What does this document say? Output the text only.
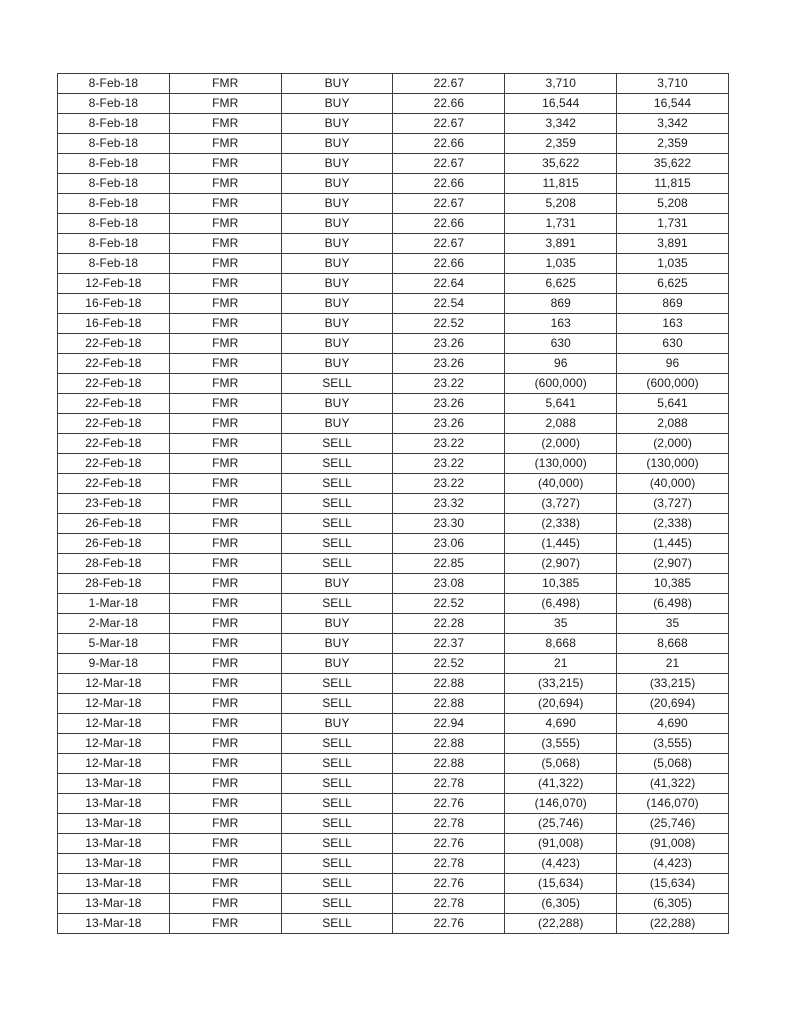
8-Feb-18	FMR	BUY	22.67	3,710	3,710
8-Feb-18	FMR	BUY	22.66	16,544	16,544
8-Feb-18	FMR	BUY	22.67	3,342	3,342
8-Feb-18	FMR	BUY	22.66	2,359	2,359
8-Feb-18	FMR	BUY	22.67	35,622	35,622
8-Feb-18	FMR	BUY	22.66	11,815	11,815
8-Feb-18	FMR	BUY	22.67	5,208	5,208
8-Feb-18	FMR	BUY	22.66	1,731	1,731
8-Feb-18	FMR	BUY	22.67	3,891	3,891
8-Feb-18	FMR	BUY	22.66	1,035	1,035
12-Feb-18	FMR	BUY	22.64	6,625	6,625
16-Feb-18	FMR	BUY	22.54	869	869
16-Feb-18	FMR	BUY	22.52	163	163
22-Feb-18	FMR	BUY	23.26	630	630
22-Feb-18	FMR	BUY	23.26	96	96
22-Feb-18	FMR	SELL	23.22	(600,000)	(600,000)
22-Feb-18	FMR	BUY	23.26	5,641	5,641
22-Feb-18	FMR	BUY	23.26	2,088	2,088
22-Feb-18	FMR	SELL	23.22	(2,000)	(2,000)
22-Feb-18	FMR	SELL	23.22	(130,000)	(130,000)
22-Feb-18	FMR	SELL	23.22	(40,000)	(40,000)
23-Feb-18	FMR	SELL	23.32	(3,727)	(3,727)
26-Feb-18	FMR	SELL	23.30	(2,338)	(2,338)
26-Feb-18	FMR	SELL	23.06	(1,445)	(1,445)
28-Feb-18	FMR	SELL	22.85	(2,907)	(2,907)
28-Feb-18	FMR	BUY	23.08	10,385	10,385
1-Mar-18	FMR	SELL	22.52	(6,498)	(6,498)
2-Mar-18	FMR	BUY	22.28	35	35
5-Mar-18	FMR	BUY	22.37	8,668	8,668
9-Mar-18	FMR	BUY	22.52	21	21
12-Mar-18	FMR	SELL	22.88	(33,215)	(33,215)
12-Mar-18	FMR	SELL	22.88	(20,694)	(20,694)
12-Mar-18	FMR	BUY	22.94	4,690	4,690
12-Mar-18	FMR	SELL	22.88	(3,555)	(3,555)
12-Mar-18	FMR	SELL	22.88	(5,068)	(5,068)
13-Mar-18	FMR	SELL	22.78	(41,322)	(41,322)
13-Mar-18	FMR	SELL	22.76	(146,070)	(146,070)
13-Mar-18	FMR	SELL	22.78	(25,746)	(25,746)
13-Mar-18	FMR	SELL	22.76	(91,008)	(91,008)
13-Mar-18	FMR	SELL	22.78	(4,423)	(4,423)
13-Mar-18	FMR	SELL	22.76	(15,634)	(15,634)
13-Mar-18	FMR	SELL	22.78	(6,305)	(6,305)
13-Mar-18	FMR	SELL	22.76	(22,288)	(22,288)
